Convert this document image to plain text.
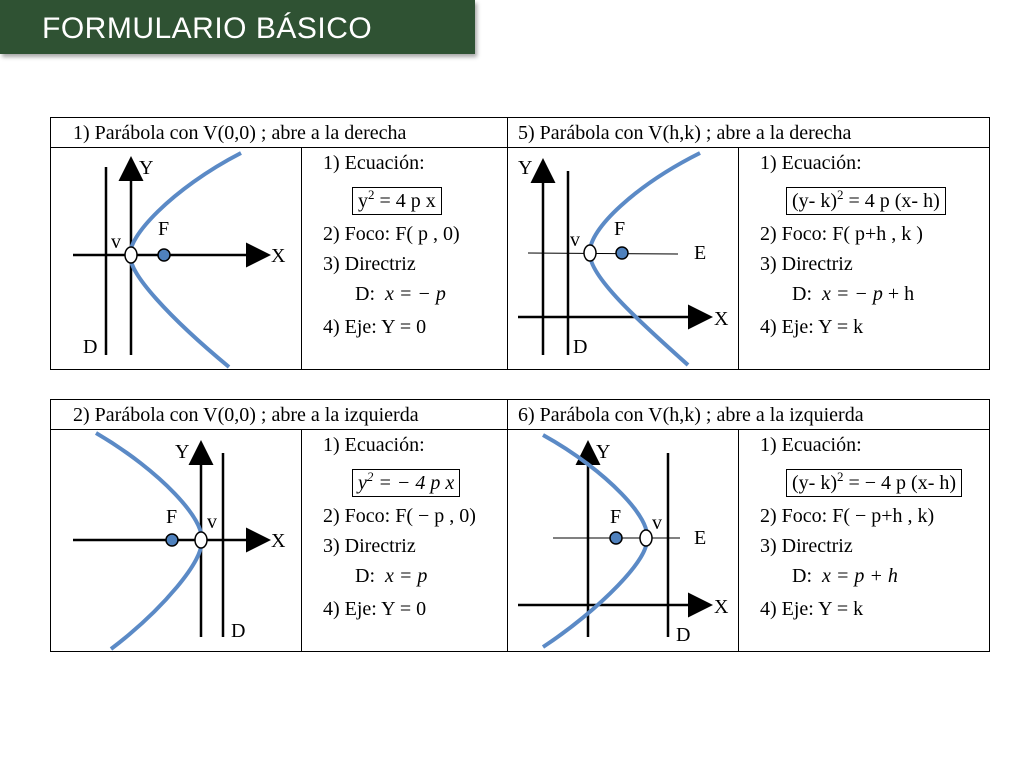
FORMULARIO BÁSICO
1) Parábola con V(0,0) ; abre a la derecha	5) Parábola con V(h,k) ; abre a la derecha
Y
X
v
F
D
1) Ecuación:
$y^2 = 4$ p x
2) Foco: F( p , 0)
3) Directriz
D: x = − p
4) Eje: Y = 0
Y
X
v F
E
D
1) Ecuación:
(y- k)$^2$ = 4 p (x- h)
2) Foco: F( p+h , k )
3) Directriz
D: x = − p + h
4) Eje: Y = k
2) Parábola con V(0,0) ; abre a la izquierda	6) Parábola con V(h,k) ; abre a la izquierda
Y
X
v
F
D
1) Ecuación:
$y^2$ = − 4 p x
2) Foco: F( − p , 0)
3) Directriz
D: x = p
4) Eje: Y = 0
Y
X
v
F
E
D
1) Ecuación:
(y- k)$^2$ = − 4 p (x- h)
2) Foco: F( − p+h , k)
3) Directriz
D: x = p + h
4) Eje: Y = k
